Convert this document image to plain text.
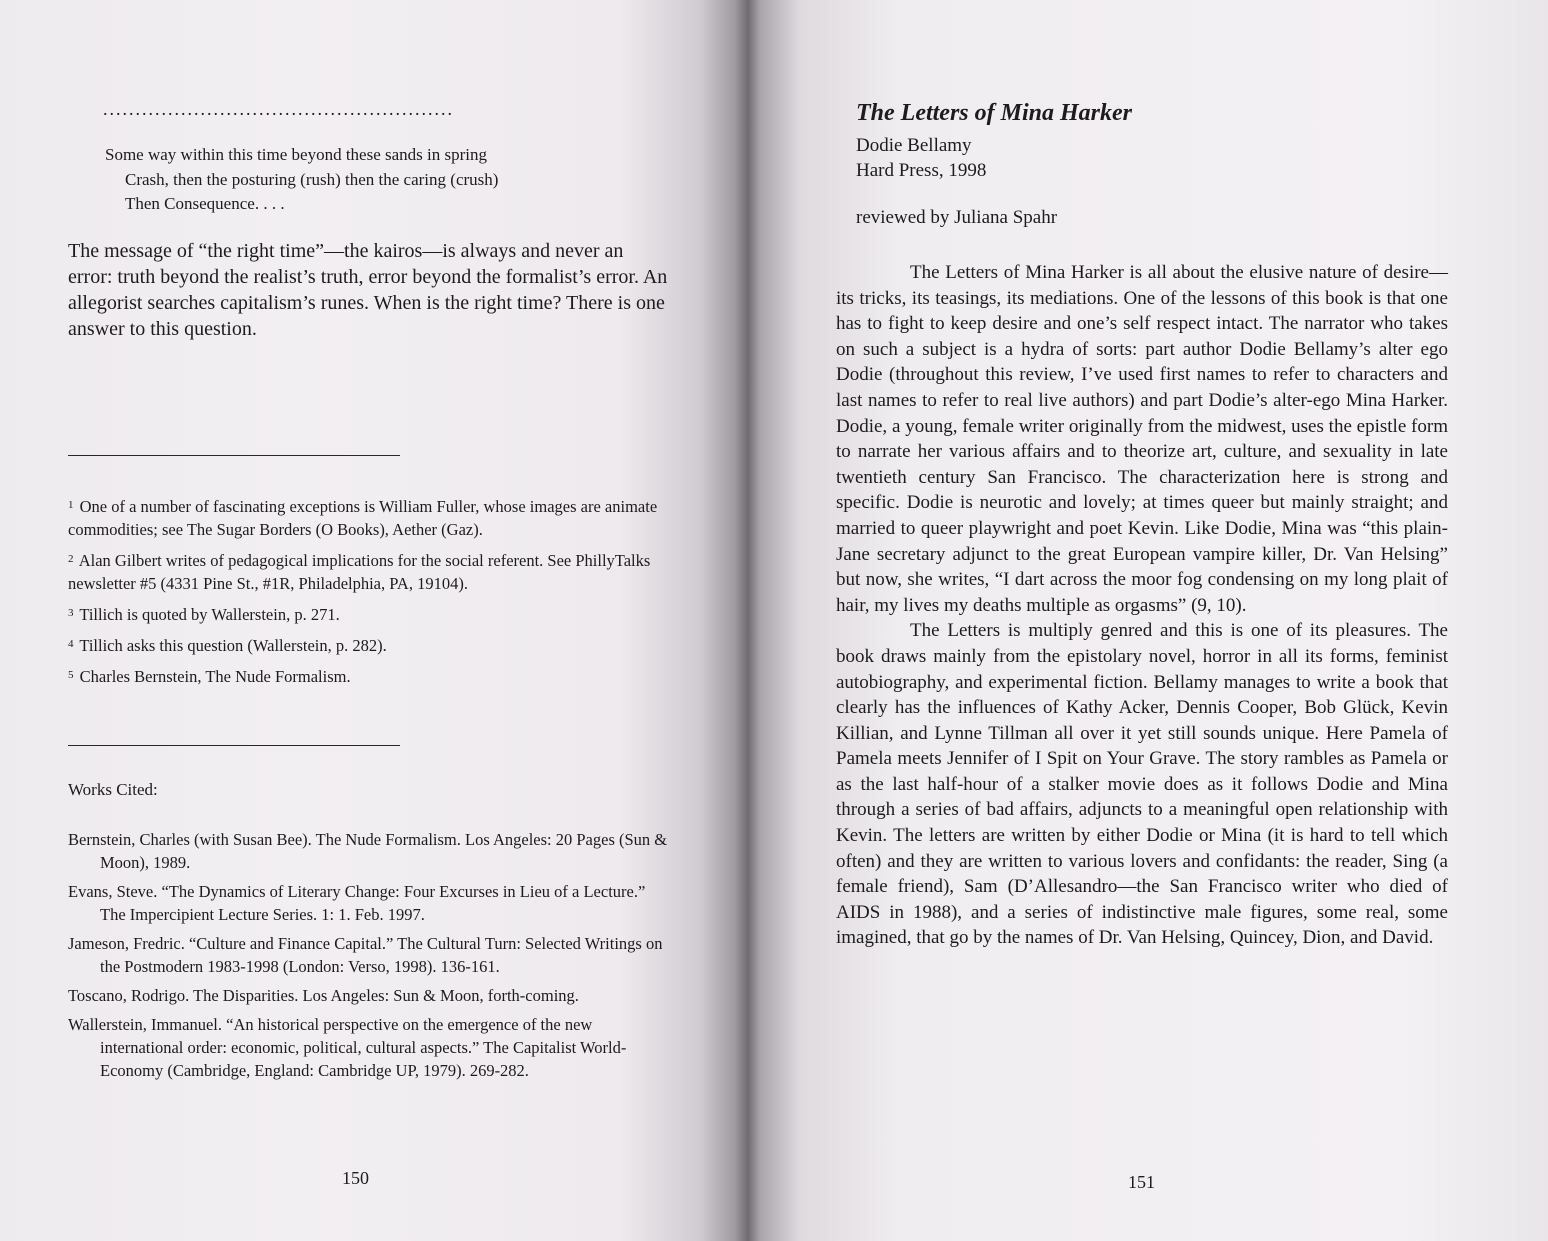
......................................................
Some way within this time beyond these sands in spring
Crash, then the posturing (rush) then the caring (crush)
Then Consequence. . . .

The message of “the right time”—the kairos—is always and never an error: truth beyond the realist’s truth, error beyond the formalist’s error. An allegorist searches capitalism’s runes. When is the right time? There is one answer to this question.

$^1$ One of a number of fascinating exceptions is William Fuller, whose images are animate commodities; see The Sugar Borders (O Books), Aether (Gaz).
$^2$ Alan Gilbert writes of pedagogical implications for the social referent. See PhillyTalks newsletter #5 (4331 Pine St., #1R, Philadelphia, PA, 19104).
$^3$ Tillich is quoted by Wallerstein, p. 271.
$^4$ Tillich asks this question (Wallerstein, p. 282).
$^5$ Charles Bernstein, The Nude Formalism.
Works Cited:
Bernstein, Charles (with Susan Bee). The Nude Formalism. Los Angeles: 20 Pages (Sun & Moon), 1989.
Evans, Steve. “The Dynamics of Literary Change: Four Excurses in Lieu of a Lecture.” The Impercipient Lecture Series. 1: 1. Feb. 1997.
Jameson, Fredric. “Culture and Finance Capital.” The Cultural Turn: Selected Writings on the Postmodern 1983-1998 (London: Verso, 1998). 136-161.
Toscano, Rodrigo. The Disparities. Los Angeles: Sun & Moon, forth-coming.
Wallerstein, Immanuel. “An historical perspective on the emergence of the new international order: economic, political, cultural aspects.” The Capitalist World-Economy (Cambridge, England: Cambridge UP, 1979). 269-282.
150
The Letters of Mina Harker
Dodie Bellamy
Hard Press, 1998
reviewed by Juliana Spahr

The Letters of Mina Harker is all about the elusive nature of desire—its tricks, its teasings, its mediations. One of the lessons of this book is that one has to fight to keep desire and one’s self respect intact. The narrator who takes on such a subject is a hydra of sorts: part author Dodie Bellamy’s alter ego Dodie (throughout this review, I’ve used first names to refer to characters and last names to refer to real live authors) and part Dodie’s alter-ego Mina Harker. Dodie, a young, female writer originally from the midwest, uses the epistle form to narrate her various affairs and to theorize art, culture, and sexuality in late twentieth century San Francisco. The characterization here is strong and specific. Dodie is neurotic and lovely; at times queer but mainly straight; and married to queer playwright and poet Kevin. Like Dodie, Mina was “this plain-Jane secretary adjunct to the great European vampire killer, Dr. Van Helsing” but now, she writes, “I dart across the moor fog condensing on my long plait of hair, my lives my deaths multiple as orgasms” (9, 10).

The Letters is multiply genred and this is one of its pleasures. The book draws mainly from the epistolary novel, horror in all its forms, feminist autobiography, and experimental fiction. Bellamy manages to write a book that clearly has the influences of Kathy Acker, Dennis Cooper, Bob Glück, Kevin Killian, and Lynne Tillman all over it yet still sounds unique. Here Pamela of Pamela meets Jennifer of I Spit on Your Grave. The story rambles as Pamela or as the last half-hour of a stalker movie does as it follows Dodie and Mina through a series of bad affairs, adjuncts to a meaningful open relationship with Kevin. The letters are written by either Dodie or Mina (it is hard to tell which often) and they are written to various lovers and confidants: the reader, Sing (a female friend), Sam (D’Allesandro—the San Francisco writer who died of AIDS in 1988), and a series of indistinctive male figures, some real, some imagined, that go by the names of Dr. Van Helsing, Quincey, Dion, and David.

151
